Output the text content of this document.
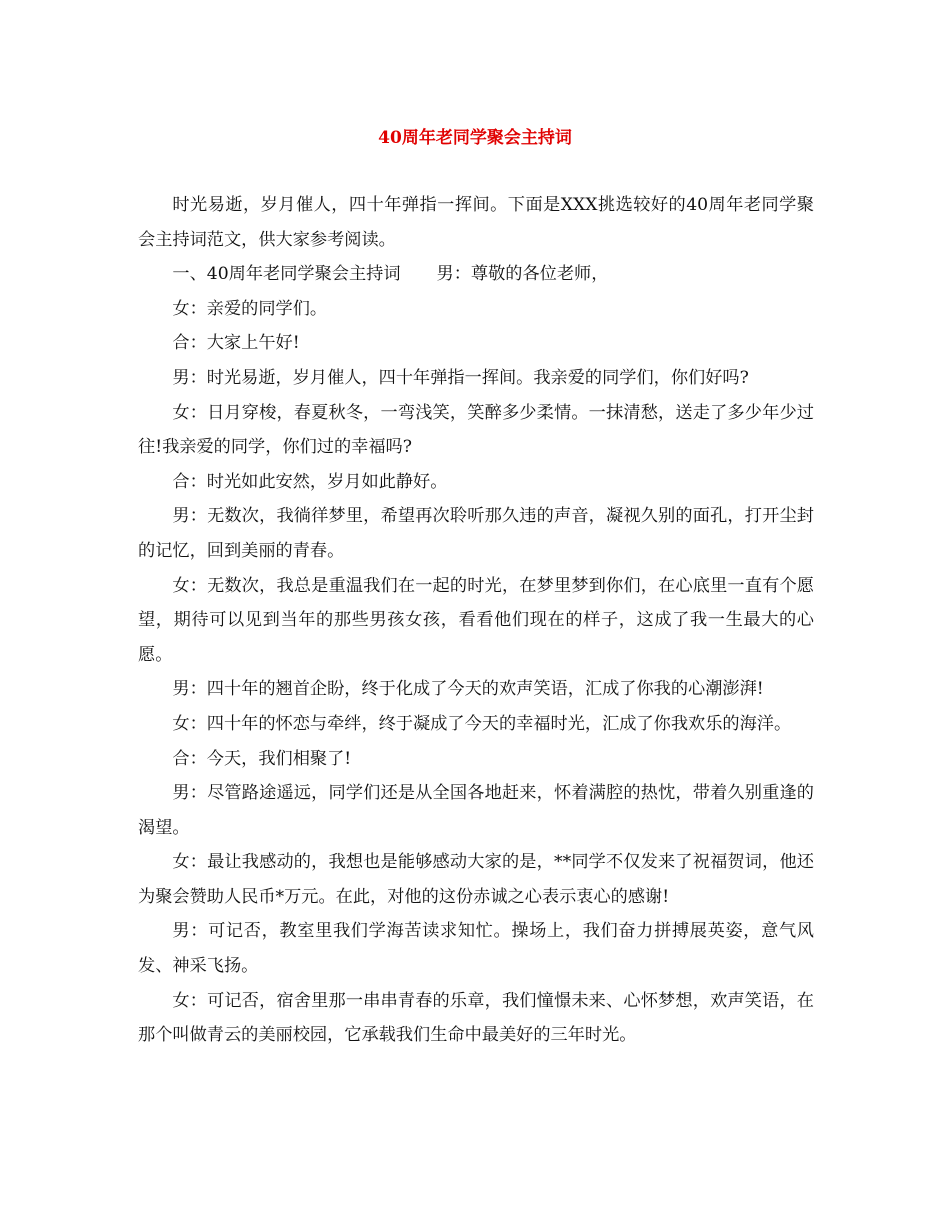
40周年老同学聚会主持词

时光易逝，岁月催人，四十年弹指一挥间。下面是XXX挑选较好的40周年老同学聚会主持词范文，供大家参考阅读。

一、40周年老同学聚会主持词 男：尊敬的各位老师，

女：亲爱的同学们。

合：大家上午好!

男：时光易逝，岁月催人，四十年弹指一挥间。我亲爱的同学们，你们好吗?

女：日月穿梭，春夏秋冬，一弯浅笑，笑醉多少柔情。一抹清愁，送走了多少年少过往!我亲爱的同学，你们过的幸福吗?

合：时光如此安然，岁月如此静好。

男：无数次，我徜徉梦里，希望再次聆听那久违的声音，凝视久别的面孔，打开尘封的记忆，回到美丽的青春。

女：无数次，我总是重温我们在一起的时光，在梦里梦到你们，在心底里一直有个愿望，期待可以见到当年的那些男孩女孩，看看他们现在的样子，这成了我一生最大的心愿。

男：四十年的翘首企盼，终于化成了今天的欢声笑语，汇成了你我的心潮澎湃!

女：四十年的怀恋与牵绊，终于凝成了今天的幸福时光，汇成了你我欢乐的海洋。

合：今天，我们相聚了!

男：尽管路途遥远，同学们还是从全国各地赶来，怀着满腔的热忱，带着久别重逢的渴望。

女：最让我感动的，我想也是能够感动大家的是，**同学不仅发来了祝福贺词，他还为聚会赞助人民币*万元。在此，对他的这份赤诚之心表示衷心的感谢!

男：可记否，教室里我们学海苦读求知忙。操场上，我们奋力拼搏展英姿，意气风发、神采飞扬。

女：可记否，宿舍里那一串串青春的乐章，我们憧憬未来、心怀梦想，欢声笑语，在那个叫做青云的美丽校园，它承载我们生命中最美好的三年时光。
